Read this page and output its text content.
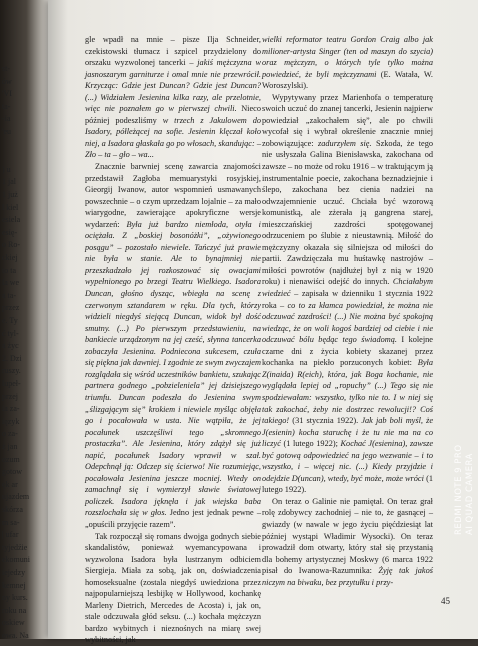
st-
ów
'VI
ta-
-ia
'eu
) u
1 jal
1 już
l kiel
esiela
esię-
o Ro-
ckiej
to ta
la we
a ta-
przez
e. Ty
ć tyl-
a życ
2. Dzi
ruszy.
lupeł-
przej
ia za-
ięzyk
o za-
ż jan
ozum
gotow
ęk ar
ujazdem
skórza
m sa-
| ufar
tyjedźie
ekomuni
iejedzy
kemnej
ny kurs.
roku na
oskiew
owa. Na

gle wpadł na mnie – pisze Ilja Schneider, czekistowski tłumacz i szpicel przydzielony do orszaku wyzwolonej tancerki – jakiś mężczyzna w jasnoszarym garniturze i omal mnie nie przewrócił. Krzycząc: Gdzie jest Duncan? Gdzie jest Duncan? (...) Widziałem Jesienina kilka razy, ale przelotnie, więc nie poznałem go w pierwszej chwili. Nieco później podeszliśmy w trzech z Jakulowem do Isadory, półleżącej na sofie. Jesienin klęczał koło niej, a Isadora głaskała go po włosach, skandując: – Zło – ta – gło – wa...
Znacznie barwniej scenę zawarcia znajomości przedstawił Zagłoba memuarystyki rosyjskiej, Gieorgij Iwanow, autor wspomnień usmawanych powszechnie – o czym uprzedzam lojalnie – za mało wiarygodne, zawierające apokryficzne wersje wydarzeń: Była już bardzo niemłoda, otyła i ociężała. Z „boskiej bosonóżki”, „ożywionego posągu” – pozostało niewiele. Tańczyć już prawie nie była w stanie. Ale to bynajmniej nie przeszkadzało jej rozkoszować się owacjami wypełnionego po brzegi Teatru Wielkiego. Isadora Duncan, głośno dysząc, wbiegła na scenę z czerwonym sztandarem w ręku. Dla tych, którzy widzieli niegdyś siejącą Duncan, widok był dość smutny. (...) Po pierwszym przedstawieniu, na bankiecie urządzonym na jej cześć, słynna tancerka zobaczyła Jesienina. Podniecona sukcesem, czuła się piękna jak dawniej. I zgodnie ze swym zwyczajem rozglądała się wśród uczestników bankietu, szukając partnera godnego „pobzieleniela” jej dzisiejszego triumfu. Duncan podeszła do Jesienina swym „ślizgającym się” krokiem i niewiele myśląc objęła go i pocałowała w usta. Nie wątpiła, że jej pocałunek uszczęśliwi tego „skromnego prostaczka”. Ale Jesienina, który zdążył się już napić, pocałunek Isadory wprawił w szał. Odepchnął ją: Odczep się ścierwo! Nie rozumiejąc, pocałowała Jesienina jeszcze mocniej. Wtedy on zamachnął się i wymierzył sławie światowej policzek. Isadora jęknęła i jak wiejska baba rozszlochała się w głos. Jedno jest jednak pewne – „opuścili przyjęcie razem”.
Tak rozpoczął się romans dwojga godnych siebie skandalistów, ponieważ wyemancypowana i wyzwolona Isadora była lustrzanym odbiciem Siergieja. Miała za sobą, jak on, doświadczenia homoseksualne (zostala niegdyś uwiedziona przez najpopularniejszą lesbijkę w Hollywood, kochankę Marleny Dietrich, Mercedes de Acosta) i, jak on, stale odczuwała głód seksu. (...) kochała mężczyzn bardzo wybitnych i nieznośnych na miarę swej wybitności, jak

wielki reformator teatru Gordon Craig albo jak milioner-artysta Singer (ten od maszyn do szycia) oraz mężczyzn, o których tyle tylko można powiedzieć, że byli mężczyznami (E. Watała, W. Woroszylski).
Wypytywany przez Marienhofa o temperaturę swoich uczuć do znanej tancerki, Jesienin najpierw powiedział „zakochałem się”, ale po chwili wycofał się i wybrał określenie znacznie mniej zobowiązujące: zadurzyłem się. Szkoda, że tego nie usłyszała Galina Bienisławska, zakochana od zawsze – no może od roku 1916 – w traktującym ją instrumentalnie poecie, zakochana beznadziejnie i ślepo, zakochana bez cienia nadziei na odwzajemnienie uczuć. Chciała być wzorową komunistką, ale zżerała ją gangrena starej, mieszczańskiej zazdrości spotęgowanej odrzuceniem po ślubie z nieustawnią. Miłość do mężczyzny okazała się silniejsza od miłości do partii. Zawdzięczała mu huśtawkę nastrojów – miłości powrotów (najdłużej był z nią w 1920 roku) i nienawiści odejść do innych. Chciałabym wiedzieć – zapisała w dzienniku 1 stycznia 1922 roka – co to za kłamca powiedział, że można nie odczuwać zazdrości! (...) Nie można być spokojną wiedząc, że on woli kogoś bardziej od ciebie i nie odczuwać bólu będąc tego świadomą. I kolejne czarne dni z życia kobiety skazanej przez kochanka na piekło porzuconych kobiet: Była Z(inaida) R(eich), która, jak Boga kochanie, nie wyglądała lepiej od „ropuchy” (...) Tego się nie spodziewałam: wszystko, tylko nie to. I w niej się tak zakochać, żeby nie dostrzec rewolucji!? Coś takiego! (31 stycznia 1922). Jak jab boli myśl, że J(esienin) kocha staruchę i że tu nie ma na co liczyć (1 lutego 1922); Kochać J(esienina), zawsze być gotową odpowiedzieć na jego wezwanie – i to wszystko, i – więcej nic. (...) Kiedy przyjdzie i odejdzie D(uncan), wtedy, być może, może wróci (1 lutego 1922).
On teraz o Galinie nie pamiętał. On teraz grał rolę zdobywcy zachodniej – nie to, że gasnącej – gwiazdy (w nawale w jego życiu pięćdziesiąt lat później wystąpi Władimir Wysocki). On teraz prowadził dom otwarty, który stał się przystanią dla bohemy artystycznej Moskwy (6 marca 1922 pisał do Iwanowa-Razumnika: Żyję tak jakoś niczym na biwaku, bez przytułku i przy-

45
REDMI NOTE 9 PRO AI QUAD CAMERA
